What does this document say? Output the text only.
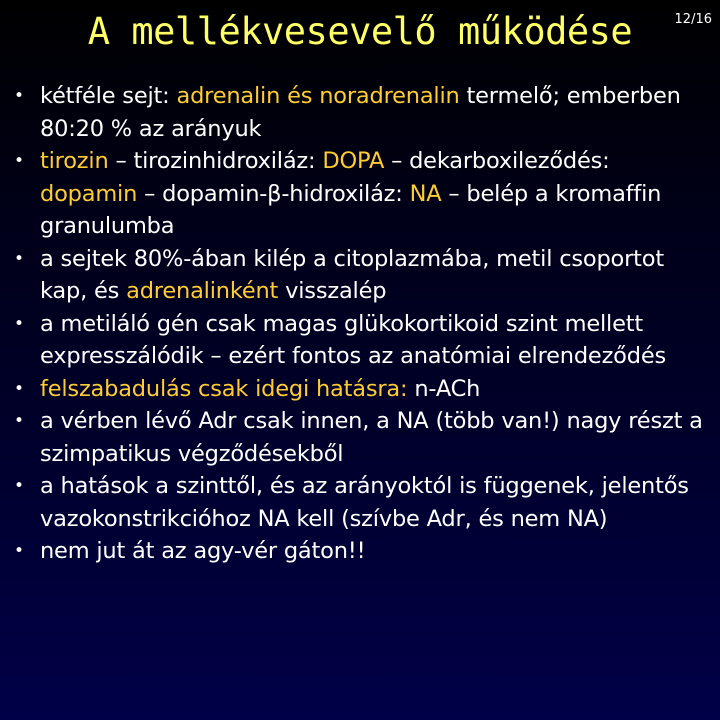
A mellékvesevelő működése	12/16
• kétféle sejt: adrenalin és noradrenalin termelő; emberben 80:20 % az arányuk
• tirozin – tirozinhidroxiláz: DOPA – dekarboxileződés: dopamin – dopamin-β-hidroxiláz: NA – belép a kromaffin granulumba
• a sejtek 80%-ában kilép a citoplazmába, metil csoportot kap, és adrenalinként visszalép
• a metiláló gén csak magas glükokortikoid szint mellett expresszálódik – ezért fontos az anatómiai elrendeződés
• felszabadulás csak idegi hatásra: n-ACh
• a vérben lévő Adr csak innen, a NA (több van!) nagy részt a szimpatikus végződésekből
• a hatások a szinttől, és az arányoktól is függenek, jelentős vazokonstrikcióhoz NA kell (szívbe Adr, és nem NA)
• nem jut át az agy-vér gáton!!
